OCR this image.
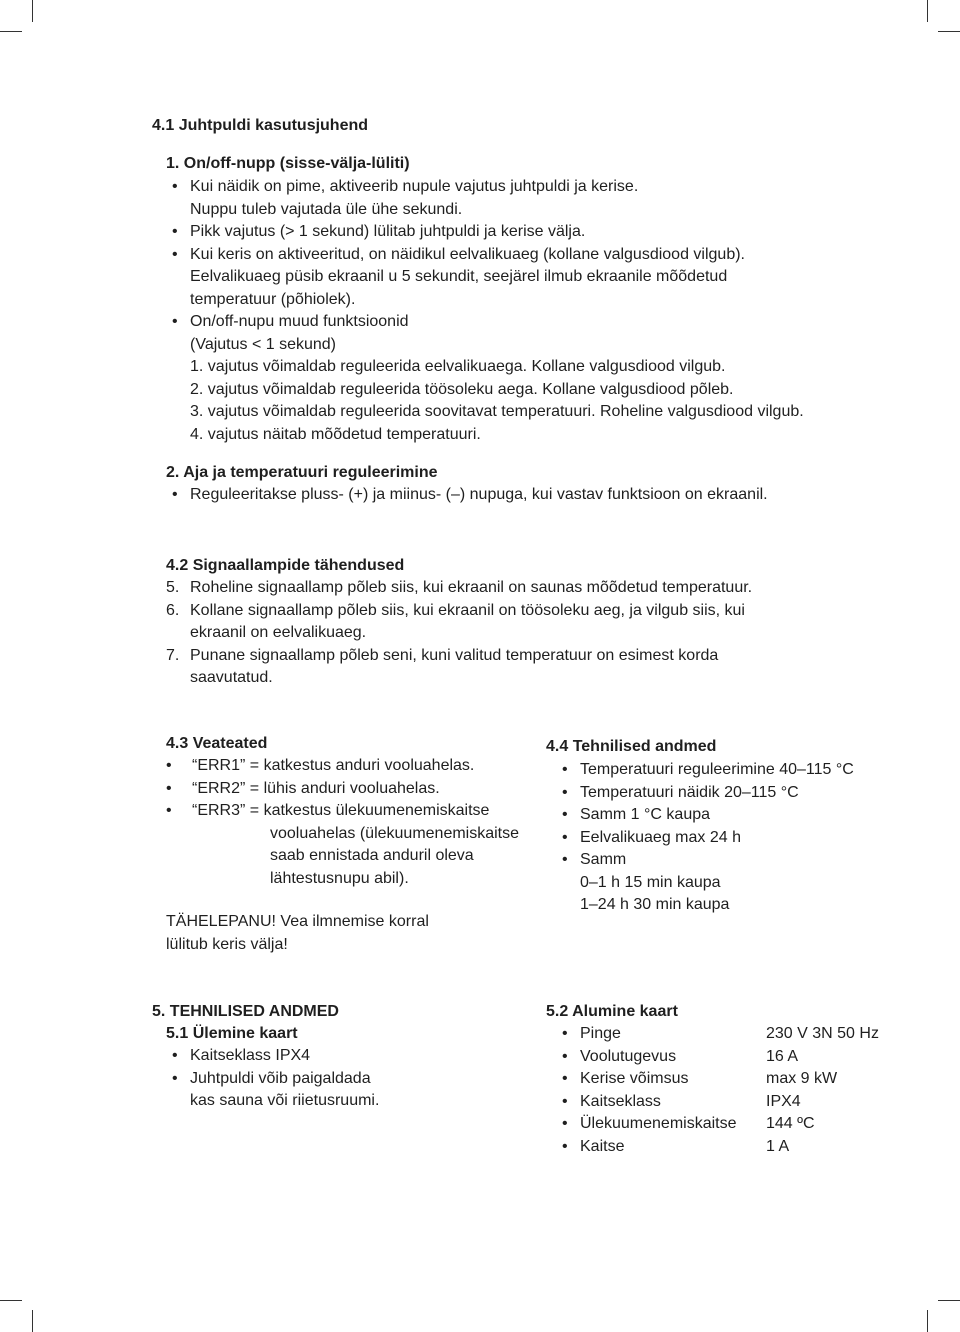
4.1 Juhtpuldi kasutusjuhend
1. On/off-nupp (sisse-välja-lüliti)
• Kui näidik on pime, aktiveerib nupule vajutus juhtpuldi ja kerise.
Nuppu tuleb vajutada üle ühe sekundi.
• Pikk vajutus (> 1 sekund) lülitab juhtpuldi ja kerise välja.
• Kui keris on aktiveeritud, on näidikul eelvalikuaeg (kollane valgusdiood vilgub).
Eelvalikuaeg püsib ekraanil u 5 sekundit, seejärel ilmub ekraanile mõõdetud
temperatuur (põhiolek).
• On/off-nupu muud funktsioonid
(Vajutus < 1 sekund)
1. vajutus võimaldab reguleerida eelvalikuaega. Kollane valgusdiood vilgub.
2. vajutus võimaldab reguleerida töösoleku aega. Kollane valgusdiood põleb.
3. vajutus võimaldab reguleerida soovitavat temperatuuri. Roheline valgusdiood vilgub.
4. vajutus näitab mõõdetud temperatuuri.
2. Aja ja temperatuuri reguleerimine
• Reguleeritakse pluss- (+) ja miinus- (–) nupuga, kui vastav funktsioon on ekraanil.
4.2 Signaallampide tähendused
5. Roheline signaallamp põleb siis, kui ekraanil on saunas mõõdetud temperatuur.
6. Kollane signaallamp põleb siis, kui ekraanil on töösoleku aeg, ja vilgub siis, kui
ekraanil on eelvalikuaeg.
7. Punane signaallamp põleb seni, kuni valitud temperatuur on esimest korda
saavutatud.
4.3 Veateated
• “ERR1” = katkestus anduri vooluahelas.
• “ERR2” = lühis anduri vooluahelas.
• “ERR3” = katkestus ülekuumenemiskaitse
vooluahelas (ülekuumenemiskaitse
saab ennistada anduril oleva
lähtestusnupu abil).
TÄHELEPANU! Vea ilmnemise korral
lülitub keris välja!
4.4 Tehnilised andmed
• Temperatuuri reguleerimine 40–115 °C
• Temperatuuri näidik 20–115 °C
• Samm 1 °C kaupa
• Eelvalikuaeg max 24 h
• Samm
0–1 h 15 min kaupa
1–24 h 30 min kaupa
5. TEHNILISED ANDMED
5.1 Ülemine kaart
• Kaitseklass IPX4
• Juhtpuldi võib paigaldada
kas sauna või riietusruumi.
5.2 Alumine kaart
• Pinge	230 V 3N 50 Hz

• Voolutugevus	16 A

• Kerise võimsus	max 9 kW

• Kaitseklass	IPX4

• Ülekuumenemiskaitse	144 ºC

• Kaitse	1 A
